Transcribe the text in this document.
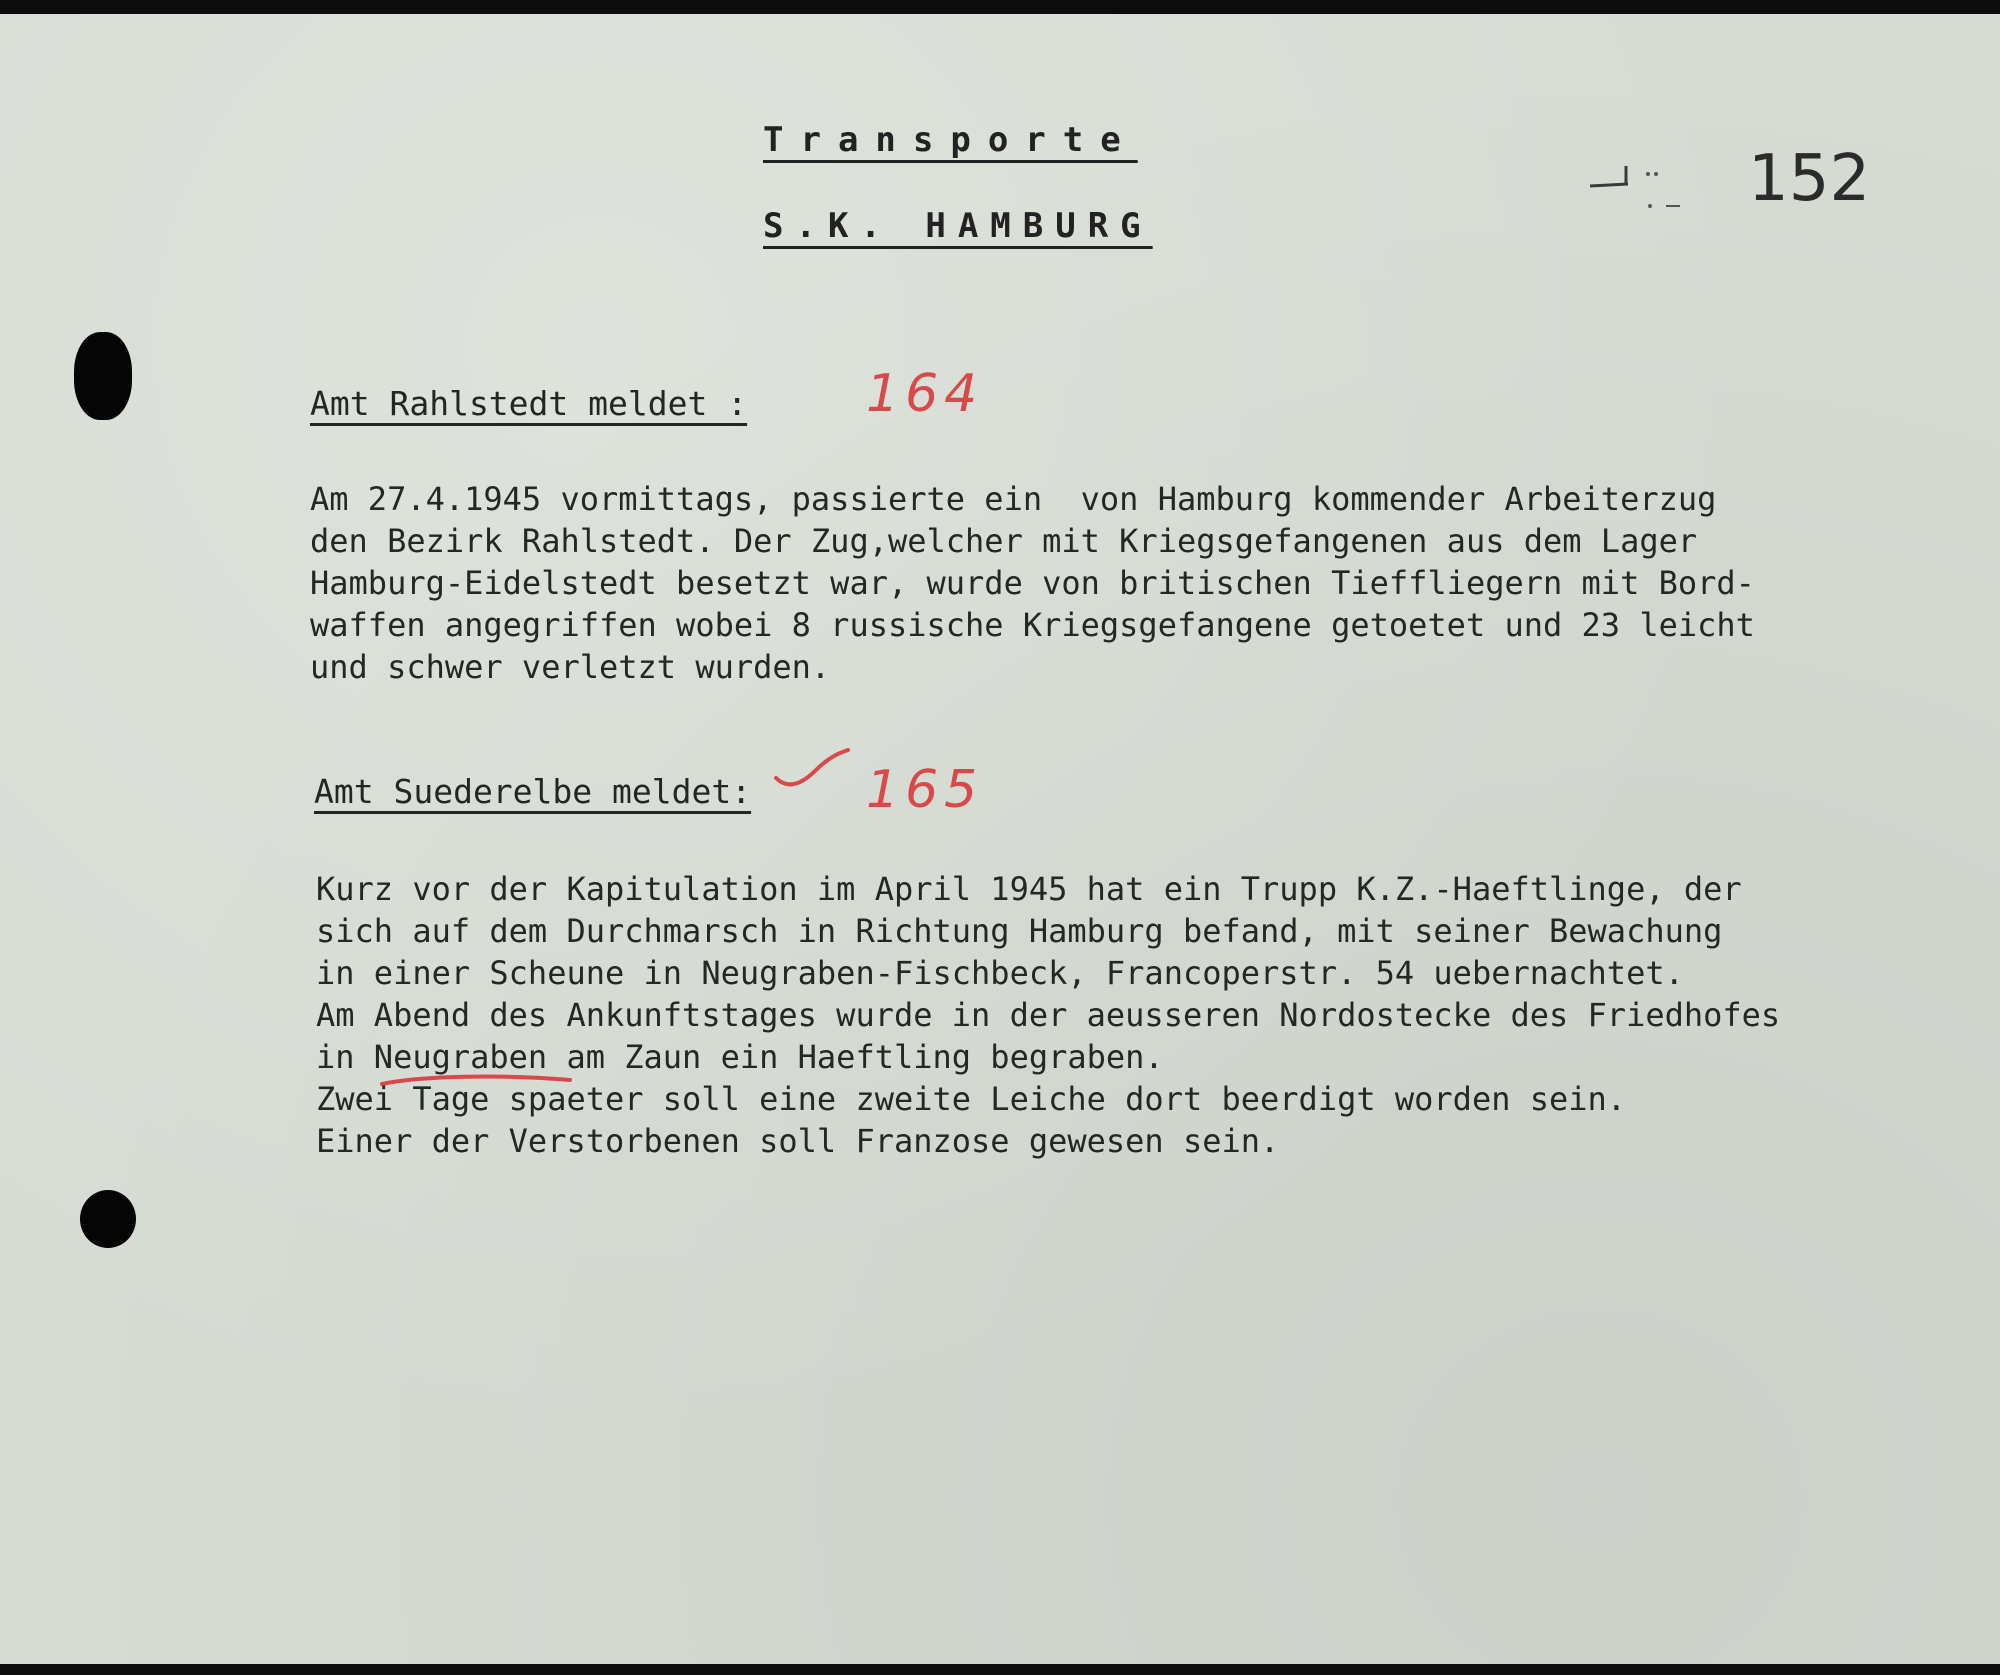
Transporte
S.K. HAMBURG
152
Amt Rahlstedt meldet : 164
Am 27.4.1945 vormittags, passierte ein  von Hamburg kommender Arbeiterzug
den Bezirk Rahlstedt. Der Zug,welcher mit Kriegsgefangenen aus dem Lager
Hamburg-Eidelstedt besetzt war, wurde von britischen Tieffliegern mit Bord-
waffen angegriffen wobei 8 russische Kriegsgefangene getoetet und 23 leicht
und schwer verletzt wurden.
Amt Suederelbe meldet: 165
Kurz vor der Kapitulation im April 1945 hat ein Trupp K.Z.-Haeftlinge, der
sich auf dem Durchmarsch in Richtung Hamburg befand, mit seiner Bewachung
in einer Scheune in Neugraben-Fischbeck, Francoperstr. 54 uebernachtet.
Am Abend des Ankunftstages wurde in der aeusseren Nordostecke des Friedhofes
in Neugraben am Zaun ein Haeftling begraben.
Zwei Tage spaeter soll eine zweite Leiche dort beerdigt worden sein.
Einer der Verstorbenen soll Franzose gewesen sein.
